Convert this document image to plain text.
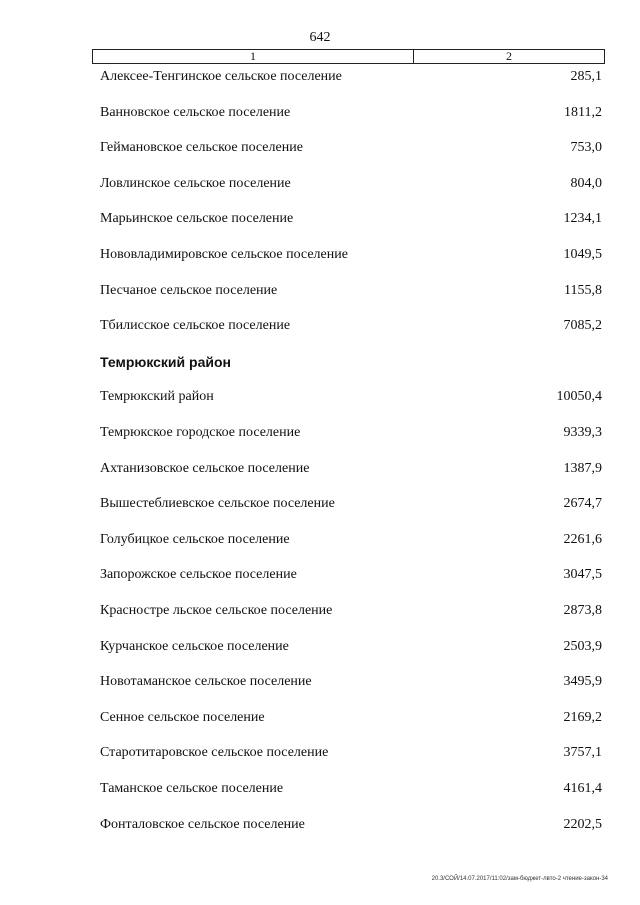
642
1	2
Алексее-Тенгинское сельское поселение	285,1
Ванновское сельское поселение	1811,2
Геймановское сельское поселение	753,0
Ловлинское сельское поселение	804,0
Марьинское сельское поселение	1234,1
Нововладимировское сельское поселение	1049,5
Песчаное сельское поселение	1155,8
Тбилисское сельское поселение	7085,2
Темрюкский район
Темрюкский район	10050,4
Темрюкское городское поселение	9339,3
Ахтанизовское сельское поселение	1387,9
Вышестеблиевское сельское поселение	2674,7
Голубицкое сельское поселение	2261,6
Запорожское сельское поселение	3047,5
Красностре льское сельское поселение	2873,8
Курчанское сельское поселение	2503,9
Новотаманское сельское поселение	3495,9
Сенное сельское поселение	2169,2
Старотитаровское сельское поселение	3757,1
Таманское сельское поселение	4161,4
Фонталовское сельское поселение	2202,5
20.3/СОЙ/14.07.2017/11:02/зам-бюджет-лвто-2 чтение-закон-34
